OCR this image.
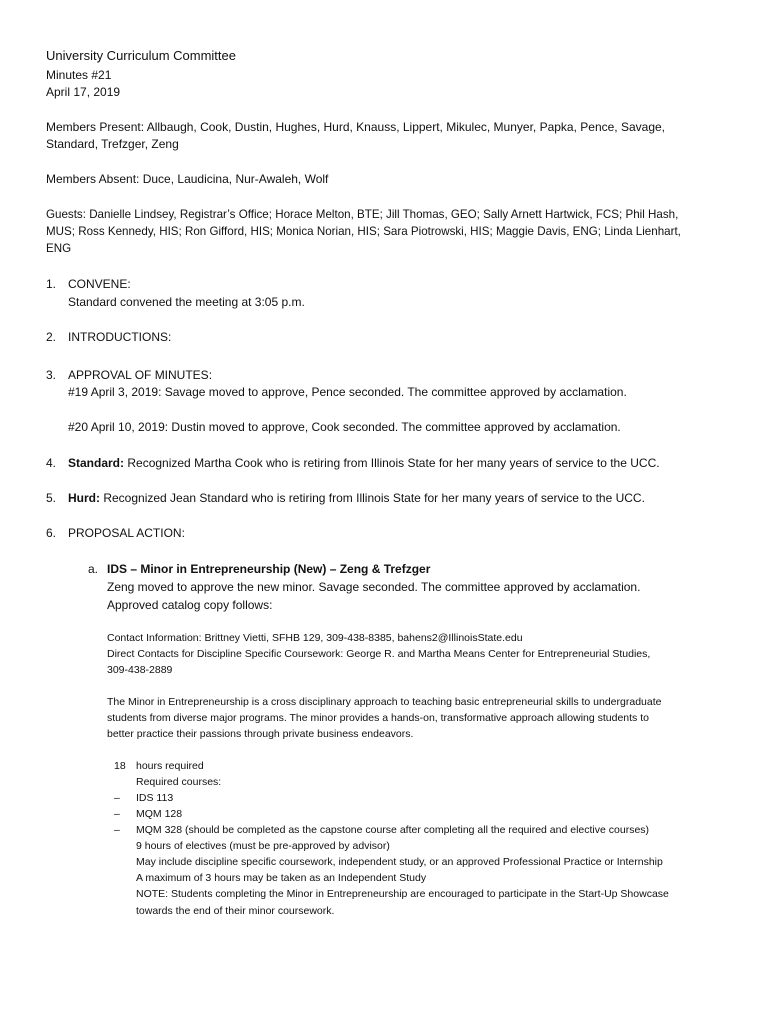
University Curriculum Committee
Minutes #21
April 17, 2019
Members Present: Allbaugh, Cook, Dustin, Hughes, Hurd, Knauss, Lippert, Mikulec, Munyer, Papka, Pence, Savage,
Standard, Trefzger, Zeng
Members Absent: Duce, Laudicina, Nur-Awaleh, Wolf
Guests: Danielle Lindsey, Registrar’s Office; Horace Melton, BTE; Jill Thomas, GEO; Sally Arnett Hartwick, FCS; Phil Hash,
MUS; Ross Kennedy, HIS; Ron Gifford, HIS; Monica Norian, HIS; Sara Piotrowski, HIS; Maggie Davis, ENG; Linda Lienhart,
ENG
1. CONVENE:
Standard convened the meeting at 3:05 p.m.
2. INTRODUCTIONS:
3. APPROVAL OF MINUTES:
#19 April 3, 2019: Savage moved to approve, Pence seconded. The committee approved by acclamation.
#20 April 10, 2019: Dustin moved to approve, Cook seconded. The committee approved by acclamation.
4. Standard: Recognized Martha Cook who is retiring from Illinois State for her many years of service to the UCC.
5. Hurd: Recognized Jean Standard who is retiring from Illinois State for her many years of service to the UCC.
6. PROPOSAL ACTION:
a. IDS – Minor in Entrepreneurship (New) – Zeng & Trefzger
Zeng moved to approve the new minor. Savage seconded. The committee approved by acclamation.
Approved catalog copy follows:
Contact Information: Brittney Vietti, SFHB 129, 309-438-8385, bahens2@IllinoisState.edu
Direct Contacts for Discipline Specific Coursework: George R. and Martha Means Center for Entrepreneurial Studies,
309-438-2889
The Minor in Entrepreneurship is a cross disciplinary approach to teaching basic entrepreneurial skills to undergraduate
students from diverse major programs. The minor provides a hands-on, transformative approach allowing students to
better practice their passions through private business endeavors.
18 hours required
Required courses:
– IDS 113
– MQM 128
– MQM 328 (should be completed as the capstone course after completing all the required and elective courses)
9 hours of electives (must be pre-approved by advisor)
May include discipline specific coursework, independent study, or an approved Professional Practice or Internship
A maximum of 3 hours may be taken as an Independent Study
NOTE: Students completing the Minor in Entrepreneurship are encouraged to participate in the Start-Up Showcase
towards the end of their minor coursework.
